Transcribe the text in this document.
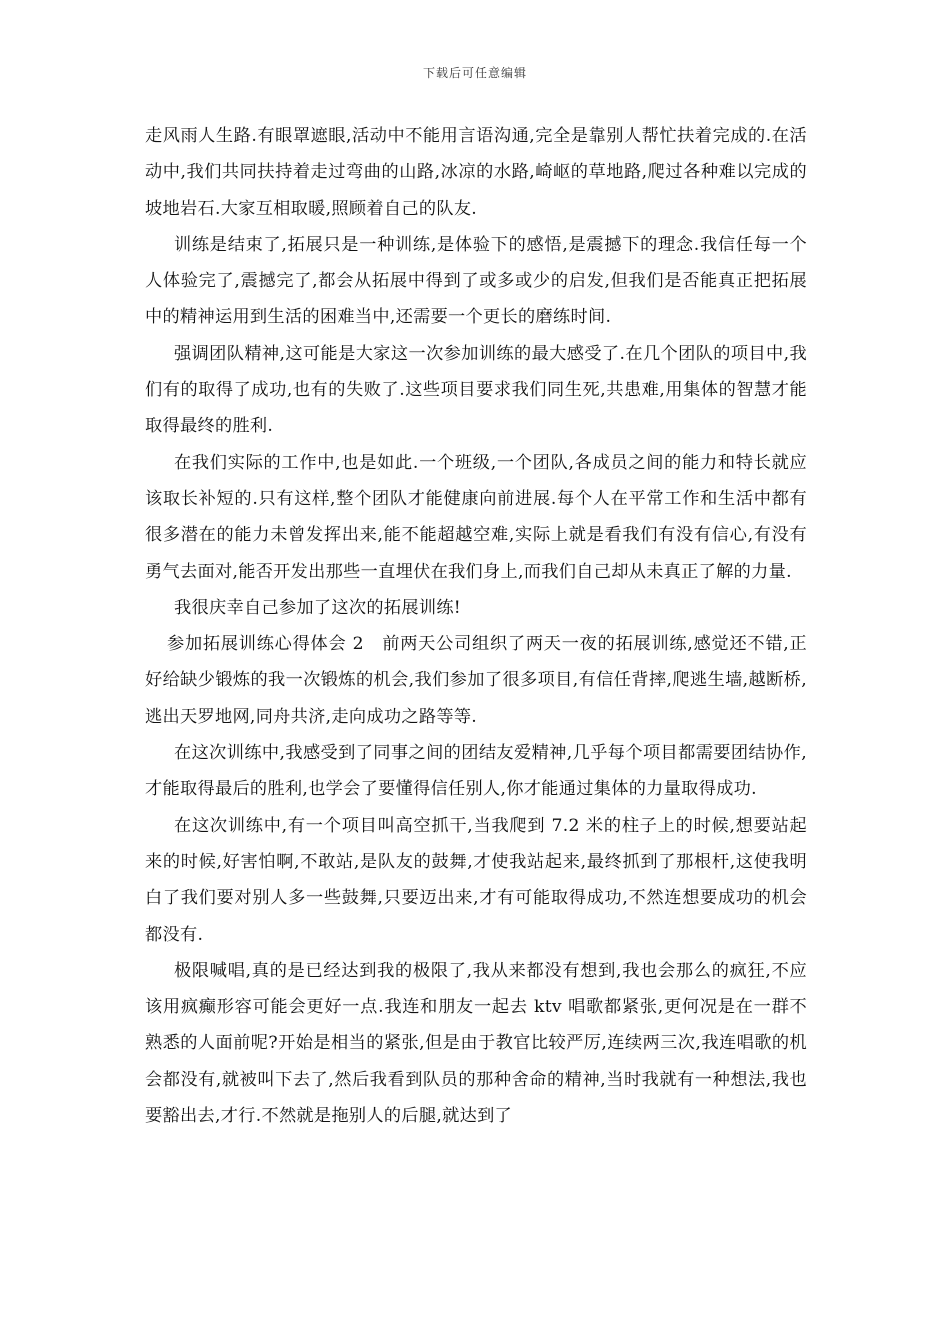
下载后可任意编辑

走风雨人生路.有眼罩遮眼,活动中不能用言语沟通,完全是靠别人帮忙扶着完成的.在活动中,我们共同扶持着走过弯曲的山路,冰凉的水路,崎岖的草地路,爬过各种难以完成的坡地岩石.大家互相取暖,照顾着自己的队友.

训练是结束了,拓展只是一种训练,是体验下的感悟,是震撼下的理念.我信任每一个人体验完了,震撼完了,都会从拓展中得到了或多或少的启发,但我们是否能真正把拓展中的精神运用到生活的困难当中,还需要一个更长的磨练时间.

强调团队精神,这可能是大家这一次参加训练的最大感受了.在几个团队的项目中,我们有的取得了成功,也有的失败了.这些项目要求我们同生死,共患难,用集体的智慧才能取得最终的胜利.

在我们实际的工作中,也是如此.一个班级,一个团队,各成员之间的能力和特长就应该取长补短的.只有这样,整个团队才能健康向前进展.每个人在平常工作和生活中都有很多潜在的能力未曾发挥出来,能不能超越空难,实际上就是看我们有没有信心,有没有勇气去面对,能否开发出那些一直埋伏在我们身上,而我们自己却从未真正了解的力量.

我很庆幸自己参加了这次的拓展训练!

参加拓展训练心得体会 2　前两天公司组织了两天一夜的拓展训练,感觉还不错,正好给缺少锻炼的我一次锻炼的机会,我们参加了很多项目,有信任背摔,爬逃生墙,越断桥,逃出天罗地网,同舟共济,走向成功之路等等.

在这次训练中,我感受到了同事之间的团结友爱精神,几乎每个项目都需要团结协作,才能取得最后的胜利,也学会了要懂得信任别人,你才能通过集体的力量取得成功.

在这次训练中,有一个项目叫高空抓干,当我爬到 7.2 米的柱子上的时候,想要站起来的时候,好害怕啊,不敢站,是队友的鼓舞,才使我站起来,最终抓到了那根杆,这使我明白了我们要对别人多一些鼓舞,只要迈出来,才有可能取得成功,不然连想要成功的机会都没有.

极限喊唱,真的是已经达到我的极限了,我从来都没有想到,我也会那么的疯狂,不应该用疯癫形容可能会更好一点.我连和朋友一起去 ktv 唱歌都紧张,更何况是在一群不熟悉的人面前呢?开始是相当的紧张,但是由于教官比较严厉,连续两三次,我连唱歌的机会都没有,就被叫下去了,然后我看到队员的那种舍命的精神,当时我就有一种想法,我也要豁出去,才行.不然就是拖别人的后腿,就达到了
